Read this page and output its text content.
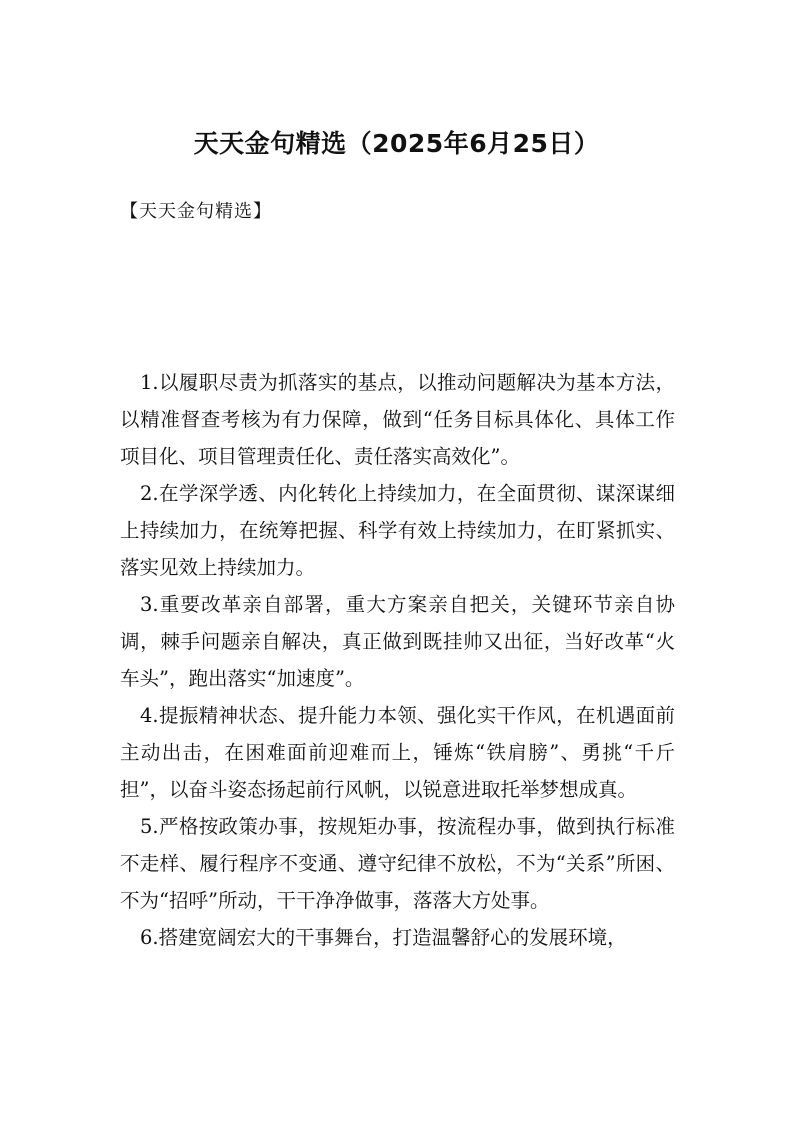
天天金句精选（2025年6月25日）
【天天金句精选】

1.以履职尽责为抓落实的基点，以推动问题解决为基本方法，以精准督查考核为有力保障，做到“任务目标具体化、具体工作项目化、项目管理责任化、责任落实高效化”。

2.在学深学透、内化转化上持续加力，在全面贯彻、谋深谋细上持续加力，在统筹把握、科学有效上持续加力，在盯紧抓实、落实见效上持续加力。

3.重要改革亲自部署，重大方案亲自把关，关键环节亲自协调，棘手问题亲自解决，真正做到既挂帅又出征，当好改革“火车头”，跑出落实“加速度”。

4.提振精神状态、提升能力本领、强化实干作风，在机遇面前主动出击，在困难面前迎难而上，锤炼“铁肩膀”、勇挑“千斤担”，以奋斗姿态扬起前行风帆，以锐意进取托举梦想成真。

5.严格按政策办事，按规矩办事，按流程办事，做到执行标准不走样、履行程序不变通、遵守纪律不放松，不为“关系”所困、不为“招呼”所动，干干净净做事，落落大方处事。

6.搭建宽阔宏大的干事舞台，打造温馨舒心的发展环境，
